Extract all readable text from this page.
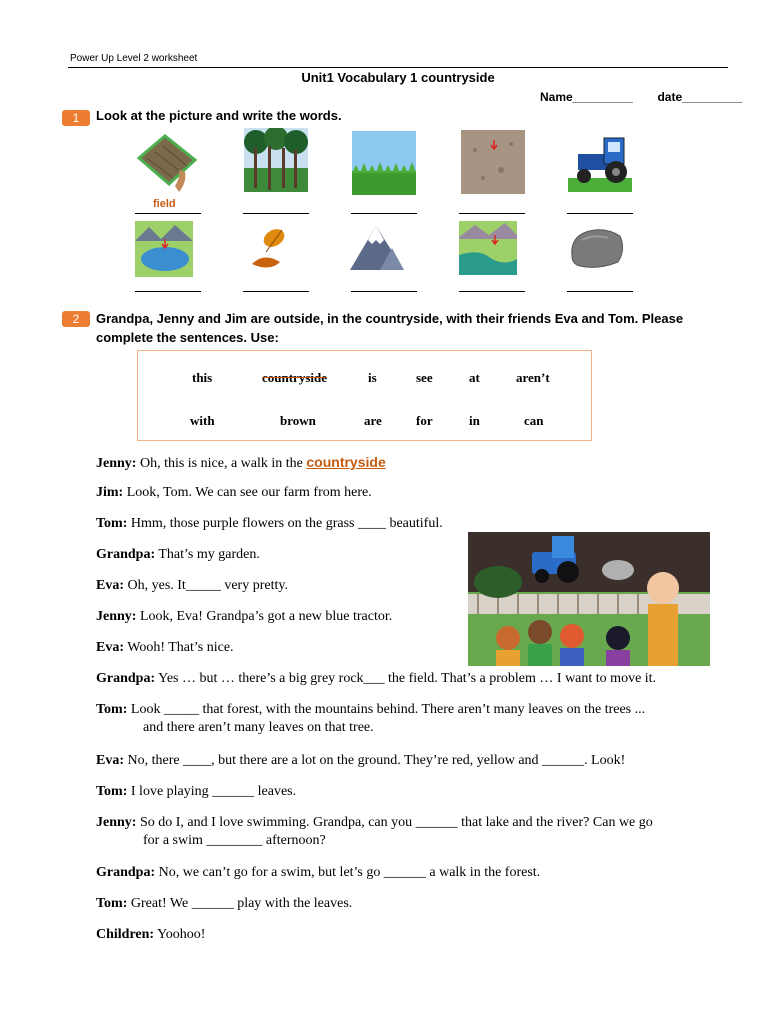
Power Up Level 2 worksheet
Unit1 Vocabulary 1 countryside
Name_________ date_________
1	Look at the picture and write the words.
field
2	Grandpa, Jenny and Jim are outside, in the countryside, with their friends Eva and Tom. Please
complete the sentences. Use:
this	countryside	is	see	at	aren’t
with	brown	are	for	in	can
Jenny: Oh, this is nice, a walk in the countryside
Jim: Look, Tom. We can see our farm from here.
Tom: Hmm, those purple flowers on the grass ____ beautiful.
Grandpa: That’s my garden.
Eva: Oh, yes. It_____ very pretty.
Jenny: Look, Eva! Grandpa’s got a new blue tractor.
Eva: Wooh! That’s nice.
Grandpa: Yes … but … there’s a big grey rock___ the field. That’s a problem … I want to move it.
Tom: Look _____ that forest, with the mountains behind. There aren’t many leaves on the trees ...
and there aren’t many leaves on that tree.
Eva: No, there ____, but there are a lot on the ground. They’re red, yellow and ______. Look!
Tom: I love playing ______ leaves.
Jenny: So do I, and I love swimming. Grandpa, can you ______ that lake and the river? Can we go
for a swim ________ afternoon?
Grandpa: No, we can’t go for a swim, but let’s go ______ a walk in the forest.
Tom: Great! We ______ play with the leaves.
Children: Yoohoo!
